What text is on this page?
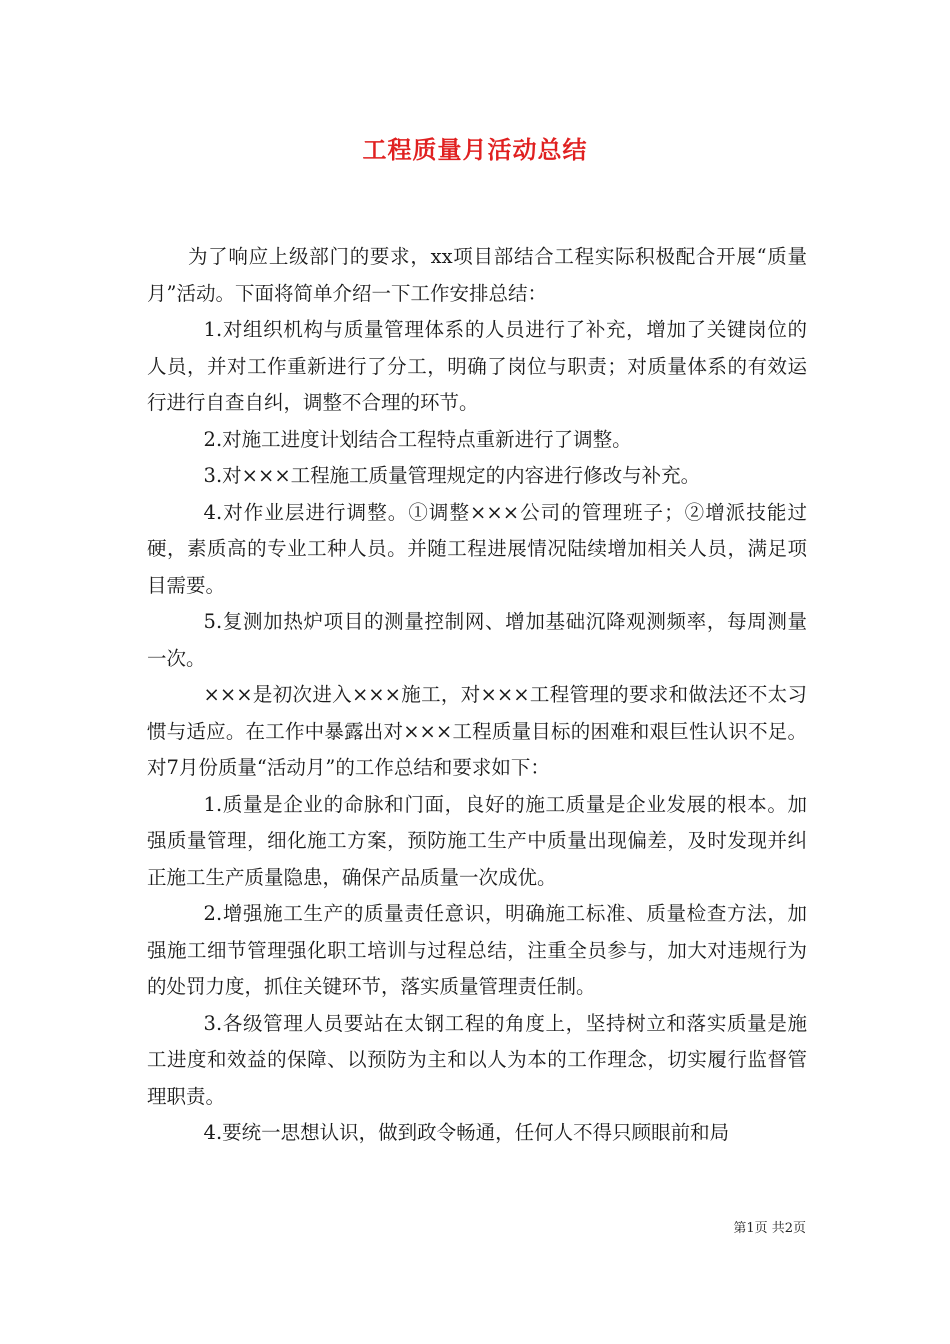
工程质量月活动总结

为了响应上级部门的要求，xx项目部结合工程实际积极配合开展“质量月”活动。下面将简单介绍一下工作安排总结：

1.对组织机构与质量管理体系的人员进行了补充，增加了关键岗位的人员，并对工作重新进行了分工，明确了岗位与职责；对质量体系的有效运行进行自查自纠，调整不合理的环节。

2.对施工进度计划结合工程特点重新进行了调整。

3.对×××工程施工质量管理规定的内容进行修改与补充。

4.对作业层进行调整。①调整×××公司的管理班子；②增派技能过硬，素质高的专业工种人员。并随工程进展情况陆续增加相关人员，满足项目需要。

5.复测加热炉项目的测量控制网、增加基础沉降观测频率，每周测量一次。

×××是初次进入×××施工，对×××工程管理的要求和做法还不太习惯与适应。在工作中暴露出对×××工程质量目标的困难和艰巨性认识不足。对7月份质量“活动月”的工作总结和要求如下：

1.质量是企业的命脉和门面，良好的施工质量是企业发展的根本。加强质量管理，细化施工方案，预防施工生产中质量出现偏差，及时发现并纠正施工生产质量隐患，确保产品质量一次成优。

2.增强施工生产的质量责任意识，明确施工标准、质量检查方法，加强施工细节管理强化职工培训与过程总结，注重全员参与，加大对违规行为的处罚力度，抓住关键环节，落实质量管理责任制。

3.各级管理人员要站在太钢工程的角度上，坚持树立和落实质量是施工进度和效益的保障、以预防为主和以人为本的工作理念，切实履行监督管理职责。

4.要统一思想认识，做到政令畅通，任何人不得只顾眼前和局

第1页 共2页
